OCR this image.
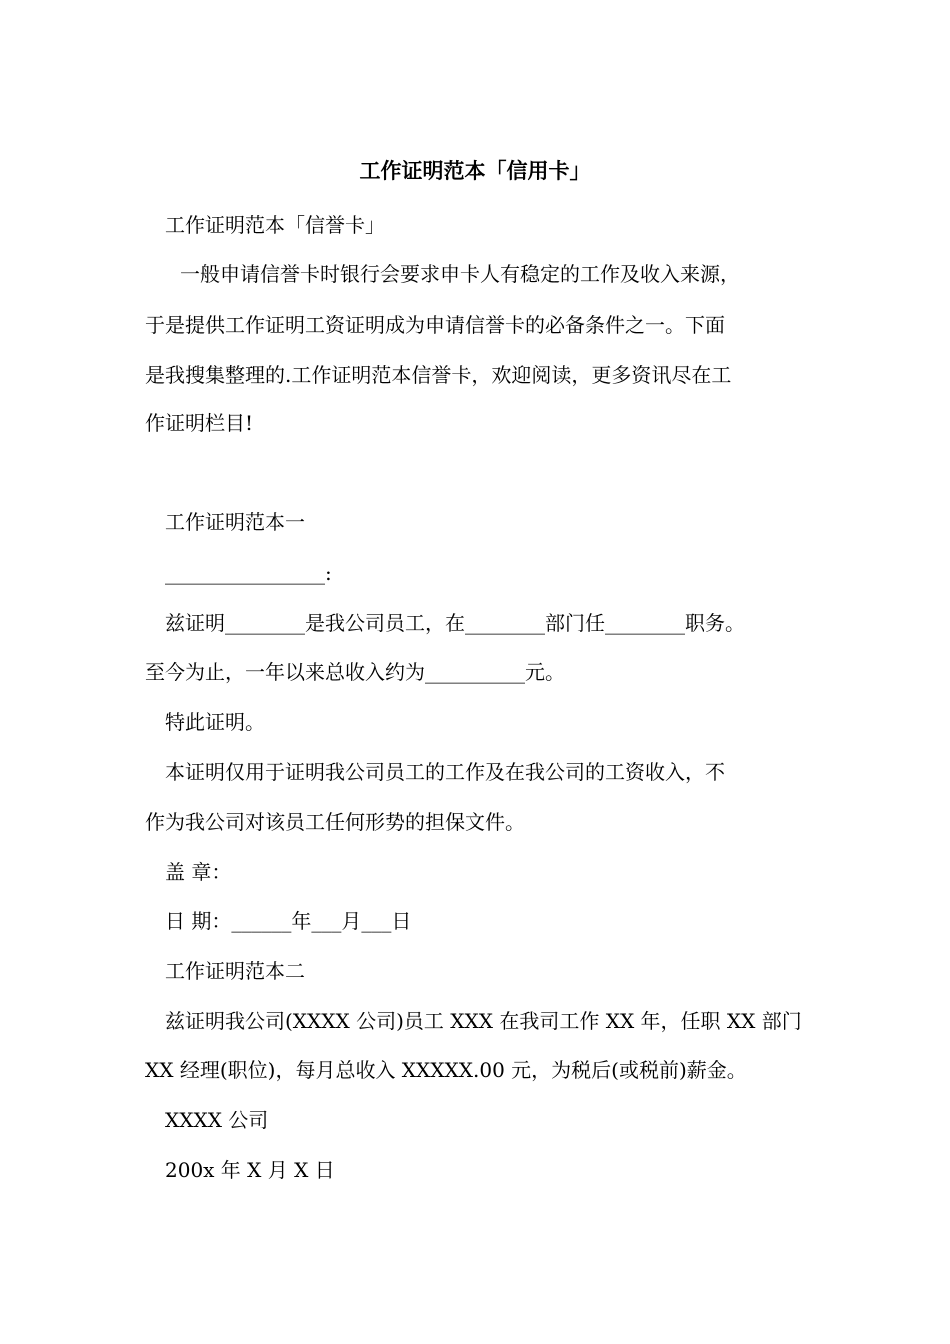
工作证明范本「信用卡」
工作证明范本「信誉卡」
一般申请信誉卡时银行会要求申卡人有稳定的工作及收入来源，
于是提供工作证明工资证明成为申请信誉卡的必备条件之一。下面
是我搜集整理的.工作证明范本信誉卡，欢迎阅读，更多资讯尽在工
作证明栏目!
工作证明范本一
________________:
兹证明________是我公司员工，在________部门任________职务。
至今为止，一年以来总收入约为__________元。
特此证明。
本证明仅用于证明我公司员工的工作及在我公司的工资收入，不
作为我公司对该员工任何形势的担保文件。
盖 章：
日 期：______年___月___日
工作证明范本二
兹证明我公司(XXXX 公司)员工 XXX 在我司工作 XX 年，任职 XX 部门
XX 经理(职位)，每月总收入 XXXXX.00 元，为税后(或税前)薪金。
XXXX 公司
200x 年 X 月 X 日
